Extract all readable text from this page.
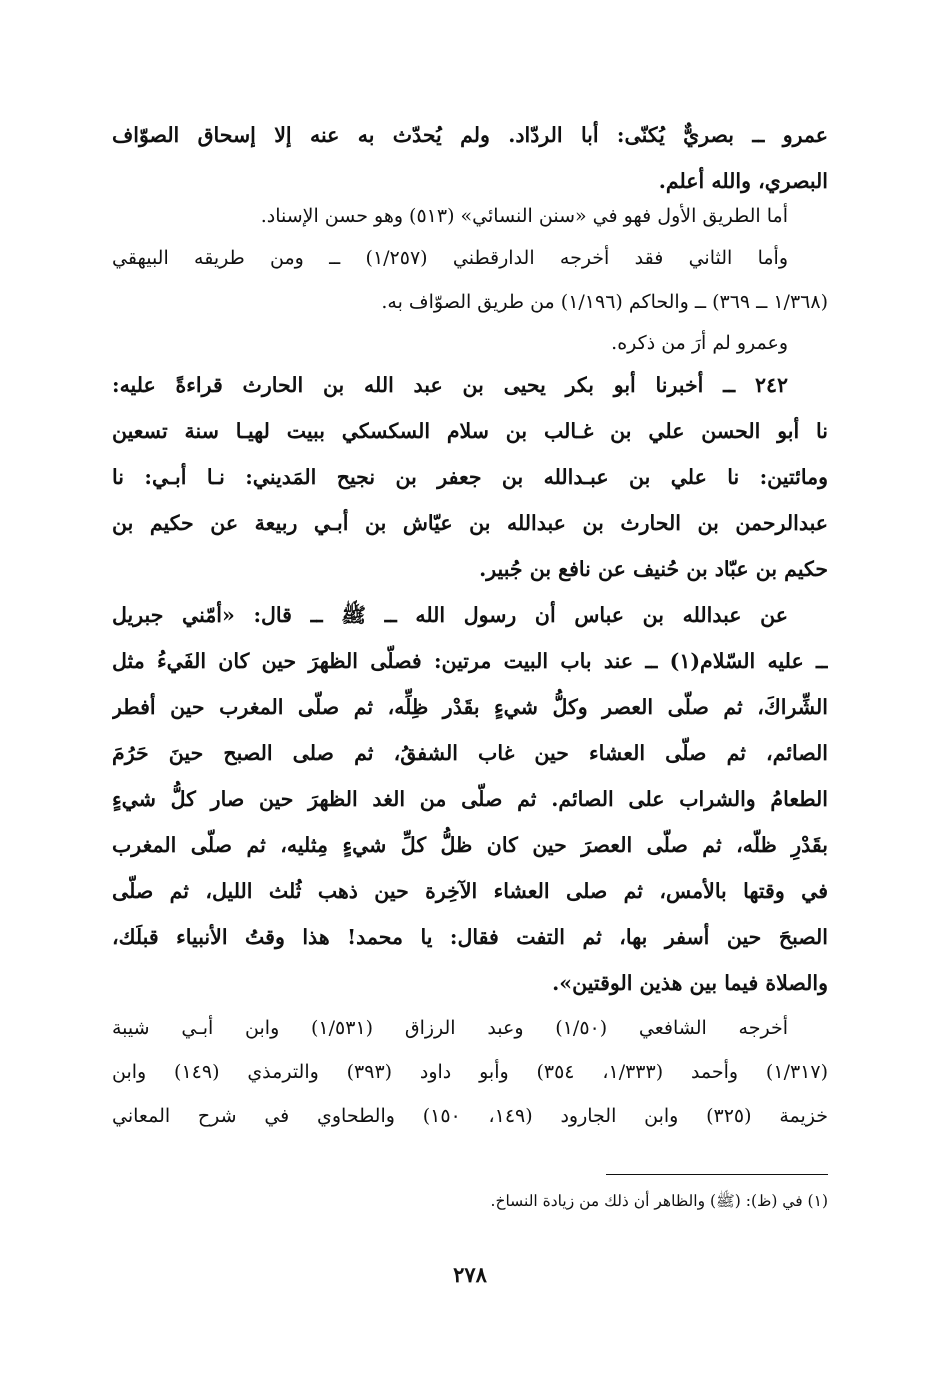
عمرو ــ بصريٌّ يُكنّى: أبا الردّاد. ولم يُحدّث به عنه إلا إسحاق الصوّاف
البصري، والله أعلم.
أما الطريق الأول فهو في «سنن النسائي» (٥١٣) وهو حسن الإسناد.
وأما الثاني فقد أخرجه الدارقطني (١/٢٥٧) ــ ومن طريقه البيهقي
(١/٣٦٨ ــ ٣٦٩) ــ والحاكم (١/١٩٦) من طريق الصوّاف به.
وعمرو لم أرَ من ذكره.
٢٤٢ ــ أخبرنا أبو بكر يحيى بن عبد الله بن الحارث قراءةً عليه:
نا أبو الحسن علي بن غـالب بن سلام السكسكي ببيت لهيـا سنة تسعين
ومائتين: نا علي بن عبـدالله بن جعفر بن نجيح المَديني: نـا أبـي: نا
عبدالرحمن بن الحارث بن عبدالله بن عيّاش بن أبـي ربيعة عن حكيم بن
حكيم بن عبّاد بن حُنيف عن نافع بن جُبير.
عن عبدالله بن عباس أن رسول الله ــ ﷺ ــ قال: «أمّني جبريل
ــ عليه السّلام(١) ــ عند باب البيت مرتين: فصلّى الظهرَ حين كان الفَيءُ مثل
الشِّراكَ، ثم صلّى العصر وكلُّ شيءٍ بقَدْر ظِلِّه، ثم صلّى المغرب حين أفطر
الصائم، ثم صلّى العشاء حين غاب الشفقُ، ثم صلى الصبح حينَ حَرُمَ
الطعامُ والشراب على الصائم. ثم صلّى من الغد الظهرَ حين صار كلُّ شيءٍ
بقَدْرِ ظلّه، ثم صلّى العصرَ حين كان ظلُّ كلِّ شيءٍ مِثليه، ثم صلّى المغرب
في وقتها بالأمس، ثم صلى العشاء الآخِرة حين ذهب ثُلث الليل، ثم صلّى
الصبحَ حين أسفر بها، ثم التفت فقال: يا محمد! هذا وقتُ الأنبياء قبلَك،
والصلاة فيما بين هذين الوقتين».
أخرجه الشافعي (١/٥٠) وعبد الرزاق (١/٥٣١) وابن أبـي شيبة
(١/٣١٧) وأحمد (١/٣٣٣، ٣٥٤) وأبو داود (٣٩٣) والترمذي (١٤٩) وابن
خزيمة (٣٢٥) وابن الجارود (١٤٩، ١٥٠) والطحاوي في شرح المعاني
(١) في (ظ): (ﷺ) والظاهر أن ذلك من زيادة النساخ.
٢٧٨
